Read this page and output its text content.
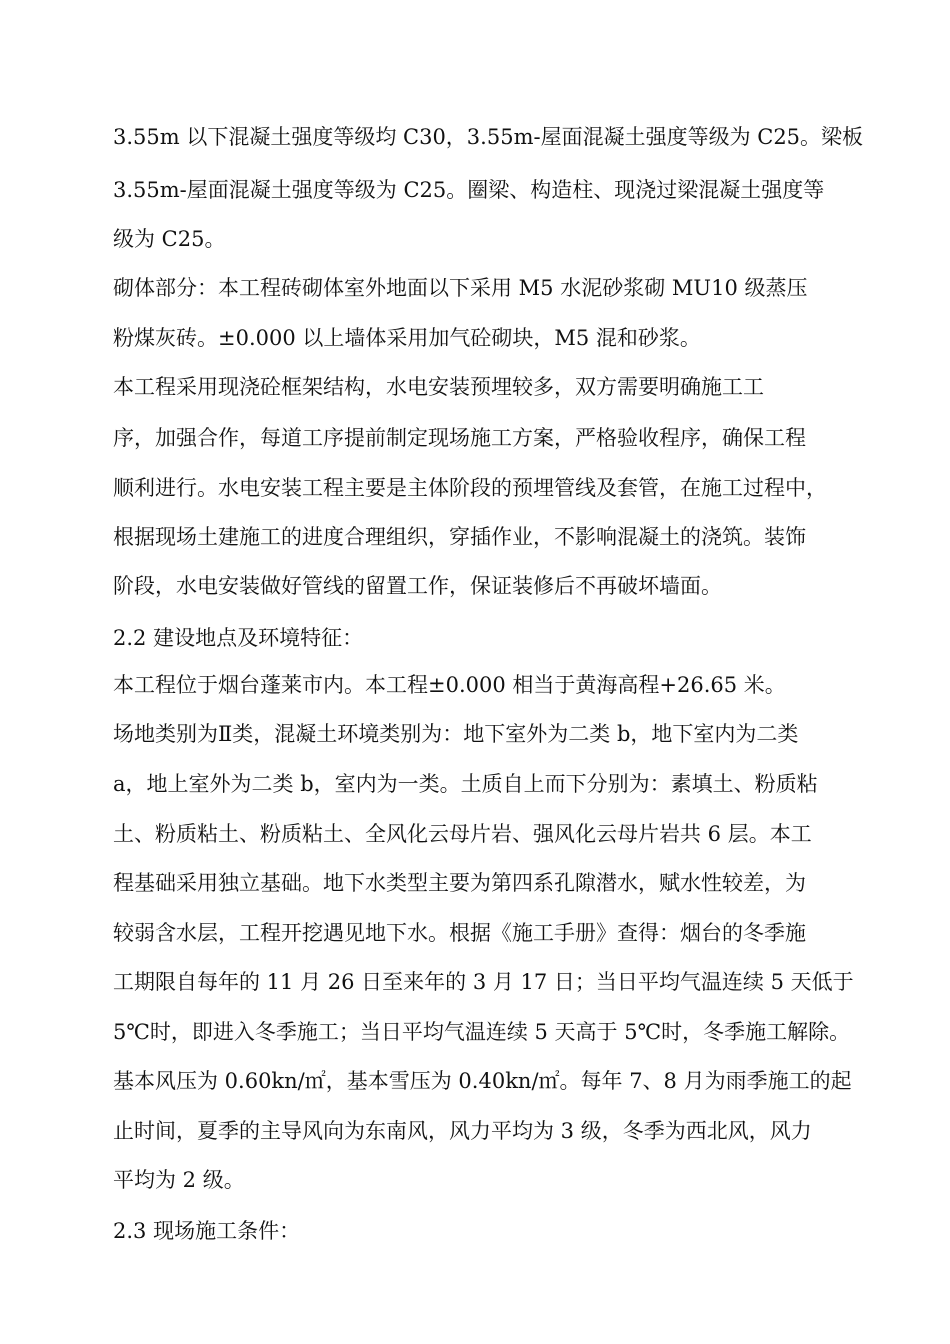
3.55m 以下混凝土强度等级均 C30，3.55m-屋面混凝土强度等级为 C25。梁板
3.55m-屋面混凝土强度等级为 C25。圈梁、构造柱、现浇过梁混凝土强度等
级为 C25。
砌体部分：本工程砖砌体室外地面以下采用 M5 水泥砂浆砌 MU10 级蒸压
粉煤灰砖。±0.000 以上墙体采用加气砼砌块，M5 混和砂浆。
本工程采用现浇砼框架结构，水电安装预埋较多，双方需要明确施工工
序，加强合作，每道工序提前制定现场施工方案，严格验收程序，确保工程
顺利进行。水电安装工程主要是主体阶段的预埋管线及套管，在施工过程中，
根据现场土建施工的进度合理组织，穿插作业，不影响混凝土的浇筑。装饰
阶段，水电安装做好管线的留置工作，保证装修后不再破坏墙面。
2.2 建设地点及环境特征：
本工程位于烟台蓬莱市内。本工程±0.000 相当于黄海高程+26.65 米。
场地类别为Ⅱ类，混凝土环境类别为：地下室外为二类 b，地下室内为二类
a，地上室外为二类 b，室内为一类。土质自上而下分别为：素填土、粉质粘
土、粉质粘土、粉质粘土、全风化云母片岩、强风化云母片岩共 6 层。本工
程基础采用独立基础。地下水类型主要为第四系孔隙潜水，赋水性较差，为
较弱含水层，工程开挖遇见地下水。根据《施工手册》查得：烟台的冬季施
工期限自每年的 11 月 26 日至来年的 3 月 17 日；当日平均气温连续 5 天低于
5℃时，即进入冬季施工；当日平均气温连续 5 天高于 5℃时，冬季施工解除。
基本风压为 0.60kn/㎡，基本雪压为 0.40kn/㎡。每年 7、8 月为雨季施工的起
止时间，夏季的主导风向为东南风，风力平均为 3 级，冬季为西北风，风力
平均为 2 级。
2.3 现场施工条件：
